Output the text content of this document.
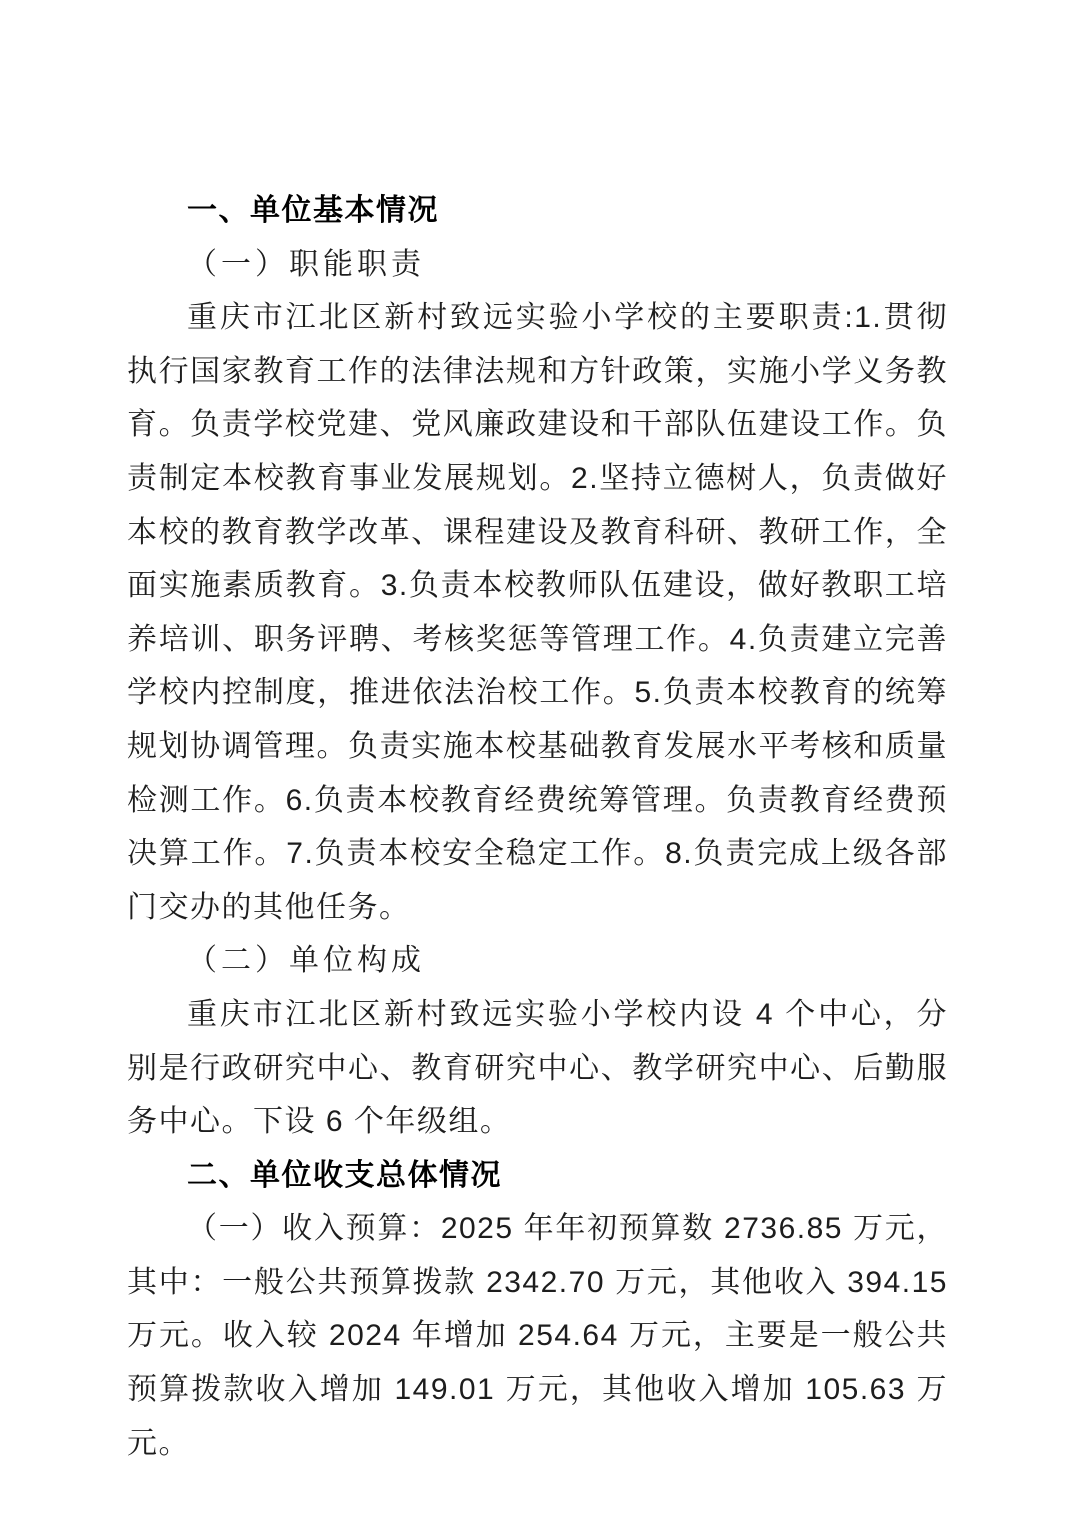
一、单位基本情况
（一）职能职责

重庆市江北区新村致远实验小学校的主要职责:1.贯彻执行国家教育工作的法律法规和方针政策，实施小学义务教育。负责学校党建、党风廉政建设和干部队伍建设工作。负责制定本校教育事业发展规划。2.坚持立德树人，负责做好本校的教育教学改革、课程建设及教育科研、教研工作，全面实施素质教育。3.负责本校教师队伍建设，做好教职工培养培训、职务评聘、考核奖惩等管理工作。4.负责建立完善学校内控制度，推进依法治校工作。5.负责本校教育的统筹规划协调管理。负责实施本校基础教育发展水平考核和质量检测工作。6.负责本校教育经费统筹管理。负责教育经费预决算工作。7.负责本校安全稳定工作。8.负责完成上级各部门交办的其他任务。

（二）单位构成

重庆市江北区新村致远实验小学校内设 4 个中心，分别是行政研究中心、教育研究中心、教学研究中心、后勤服务中心。下设 6 个年级组。

二、单位收支总体情况

（一）收入预算：2025 年年初预算数 2736.85 万元，其中：一般公共预算拨款 2342.70 万元，其他收入 394.15 万元。收入较 2024 年增加 254.64 万元，主要是一般公共预算拨款收入增加 149.01 万元，其他收入增加 105.63 万元。
